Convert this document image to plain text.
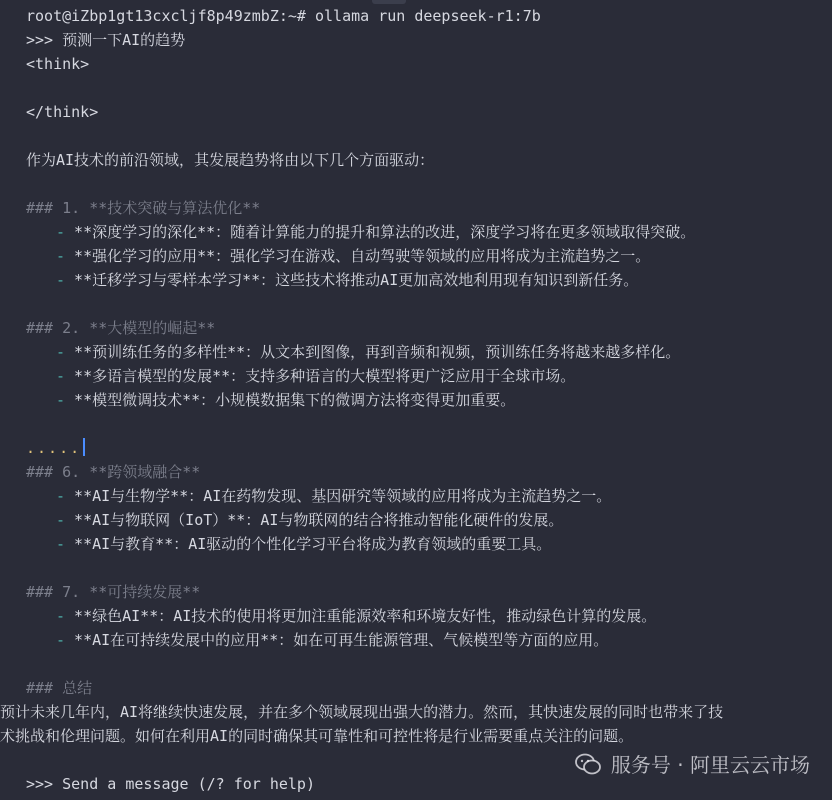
root@iZbp1gt13cxcljf8p49zmbZ:~# ollama run deepseek-r1:7b
>>> 预测一下AI的趋势
<think>
</think>
作为AI技术的前沿领域，其发展趋势将由以下几个方面驱动：
### 1. **技术突破与算法优化**
- **深度学习的深化**：随着计算能力的提升和算法的改进，深度学习将在更多领域取得突破。
- **强化学习的应用**：强化学习在游戏、自动驾驶等领域的应用将成为主流趋势之一。
- **迁移学习与零样本学习**：这些技术将推动AI更加高效地利用现有知识到新任务。
### 2. **大模型的崛起**
- **预训练任务的多样性**：从文本到图像，再到音频和视频，预训练任务将越来越多样化。
- **多语言模型的发展**：支持多种语言的大模型将更广泛应用于全球市场。
- **模型微调技术**：小规模数据集下的微调方法将变得更加重要。
.....
### 6. **跨领域融合**
- **AI与生物学**：AI在药物发现、基因研究等领域的应用将成为主流趋势之一。
- **AI与物联网（IoT）**：AI与物联网的结合将推动智能化硬件的发展。
- **AI与教育**：AI驱动的个性化学习平台将成为教育领域的重要工具。
### 7. **可持续发展**
- **绿色AI**：AI技术的使用将更加注重能源效率和环境友好性，推动绿色计算的发展。
- **AI在可持续发展中的应用**：如在可再生能源管理、气候模型等方面的应用。
### 总结
预计未来几年内，AI将继续快速发展，并在多个领域展现出强大的潜力。然而，其快速发展的同时也带来了技
术挑战和伦理问题。如何在利用AI的同时确保其可靠性和可控性将是行业需要重点关注的问题。
>>> Send a message (/? for help)
服务号 · 阿里云云市场
